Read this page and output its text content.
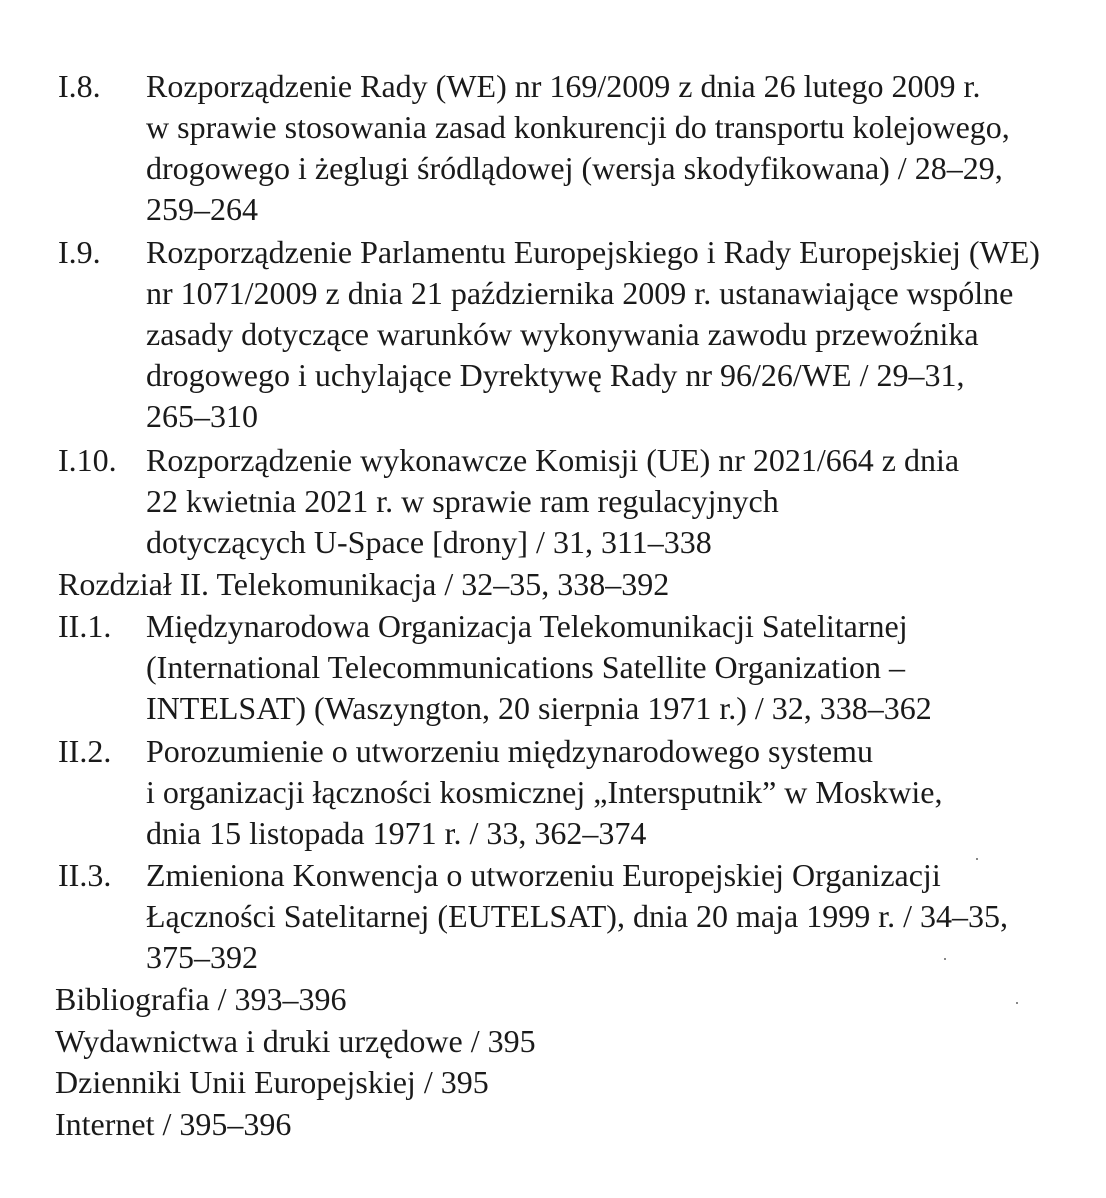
I.8. Rozporządzenie Rady (WE) nr 169/2009 z dnia 26 lutego 2009 r.
w sprawie stosowania zasad konkurencji do transportu kolejowego,
drogowego i żeglugi śródlądowej (wersja skodyfikowana) / 28–29,
259–264
I.9. Rozporządzenie Parlamentu Europejskiego i Rady Europejskiej (WE)
nr 1071/2009 z dnia 21 października 2009 r. ustanawiające wspólne
zasady dotyczące warunków wykonywania zawodu przewoźnika
drogowego i uchylające Dyrektywę Rady nr 96/26/WE / 29–31,
265–310
I.10. Rozporządzenie wykonawcze Komisji (UE) nr 2021/664 z dnia
22 kwietnia 2021 r. w sprawie ram regulacyjnych
dotyczących U-Space [drony] / 31, 311–338
Rozdział II. Telekomunikacja / 32–35, 338–392
II.1. Międzynarodowa Organizacja Telekomunikacji Satelitarnej
(International Telecommunications Satellite Organization –
INTELSAT) (Waszyngton, 20 sierpnia 1971 r.) / 32, 338–362
II.2. Porozumienie o utworzeniu międzynarodowego systemu
i organizacji łączności kosmicznej „Intersputnik” w Moskwie,
dnia 15 listopada 1971 r. / 33, 362–374
II.3. Zmieniona Konwencja o utworzeniu Europejskiej Organizacji
Łączności Satelitarnej (EUTELSAT), dnia 20 maja 1999 r. / 34–35,
375–392
Bibliografia / 393–396
Wydawnictwa i druki urzędowe / 395
Dzienniki Unii Europejskiej / 395
Internet / 395–396
